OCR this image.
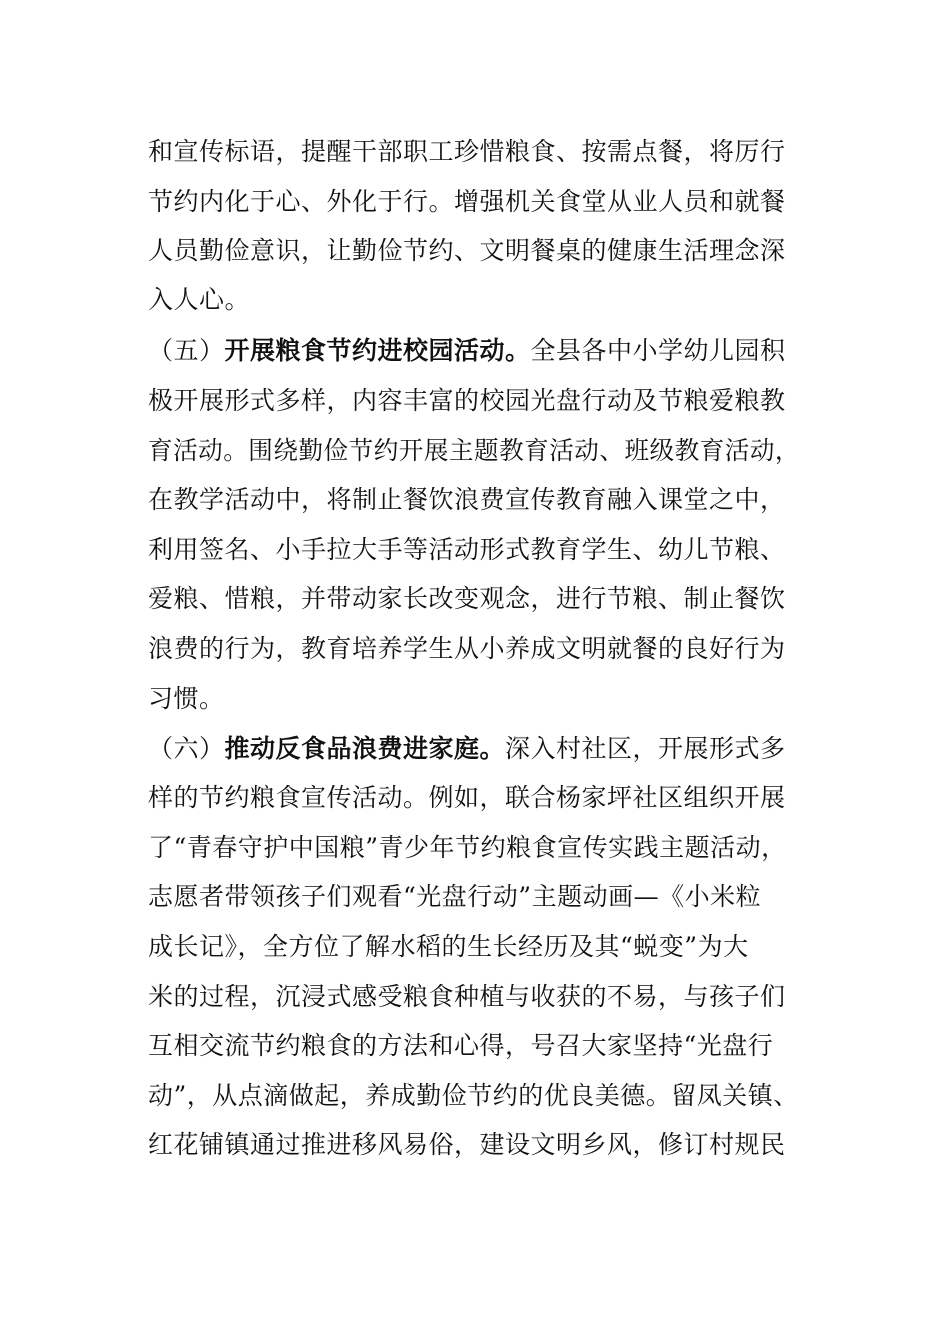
和宣传标语，提醒干部职工珍惜粮食、按需点餐，将厉行
节约内化于心、外化于行。增强机关食堂从业人员和就餐
人员勤俭意识，让勤俭节约、文明餐桌的健康生活理念深
入人心。
（五）开展粮食节约进校园活动。全县各中小学幼儿园积
极开展形式多样，内容丰富的校园光盘行动及节粮爱粮教
育活动。围绕勤俭节约开展主题教育活动、班级教育活动，
在教学活动中，将制止餐饮浪费宣传教育融入课堂之中，
利用签名、小手拉大手等活动形式教育学生、幼儿节粮、
爱粮、惜粮，并带动家长改变观念，进行节粮、制止餐饮
浪费的行为，教育培养学生从小养成文明就餐的良好行为
习惯。
（六）推动反食品浪费进家庭。深入村社区，开展形式多
样的节约粮食宣传活动。例如，联合杨家坪社区组织开展
了“青春守护中国粮”青少年节约粮食宣传实践主题活动，
志愿者带领孩子们观看“光盘行动”主题动画—《小米粒
成长记》，全方位了解水稻的生长经历及其“蜕变”为大
米的过程，沉浸式感受粮食种植与收获的不易，与孩子们
互相交流节约粮食的方法和心得，号召大家坚持“光盘行
动”，从点滴做起，养成勤俭节约的优良美德。留凤关镇、
红花铺镇通过推进移风易俗，建设文明乡风，修订村规民
